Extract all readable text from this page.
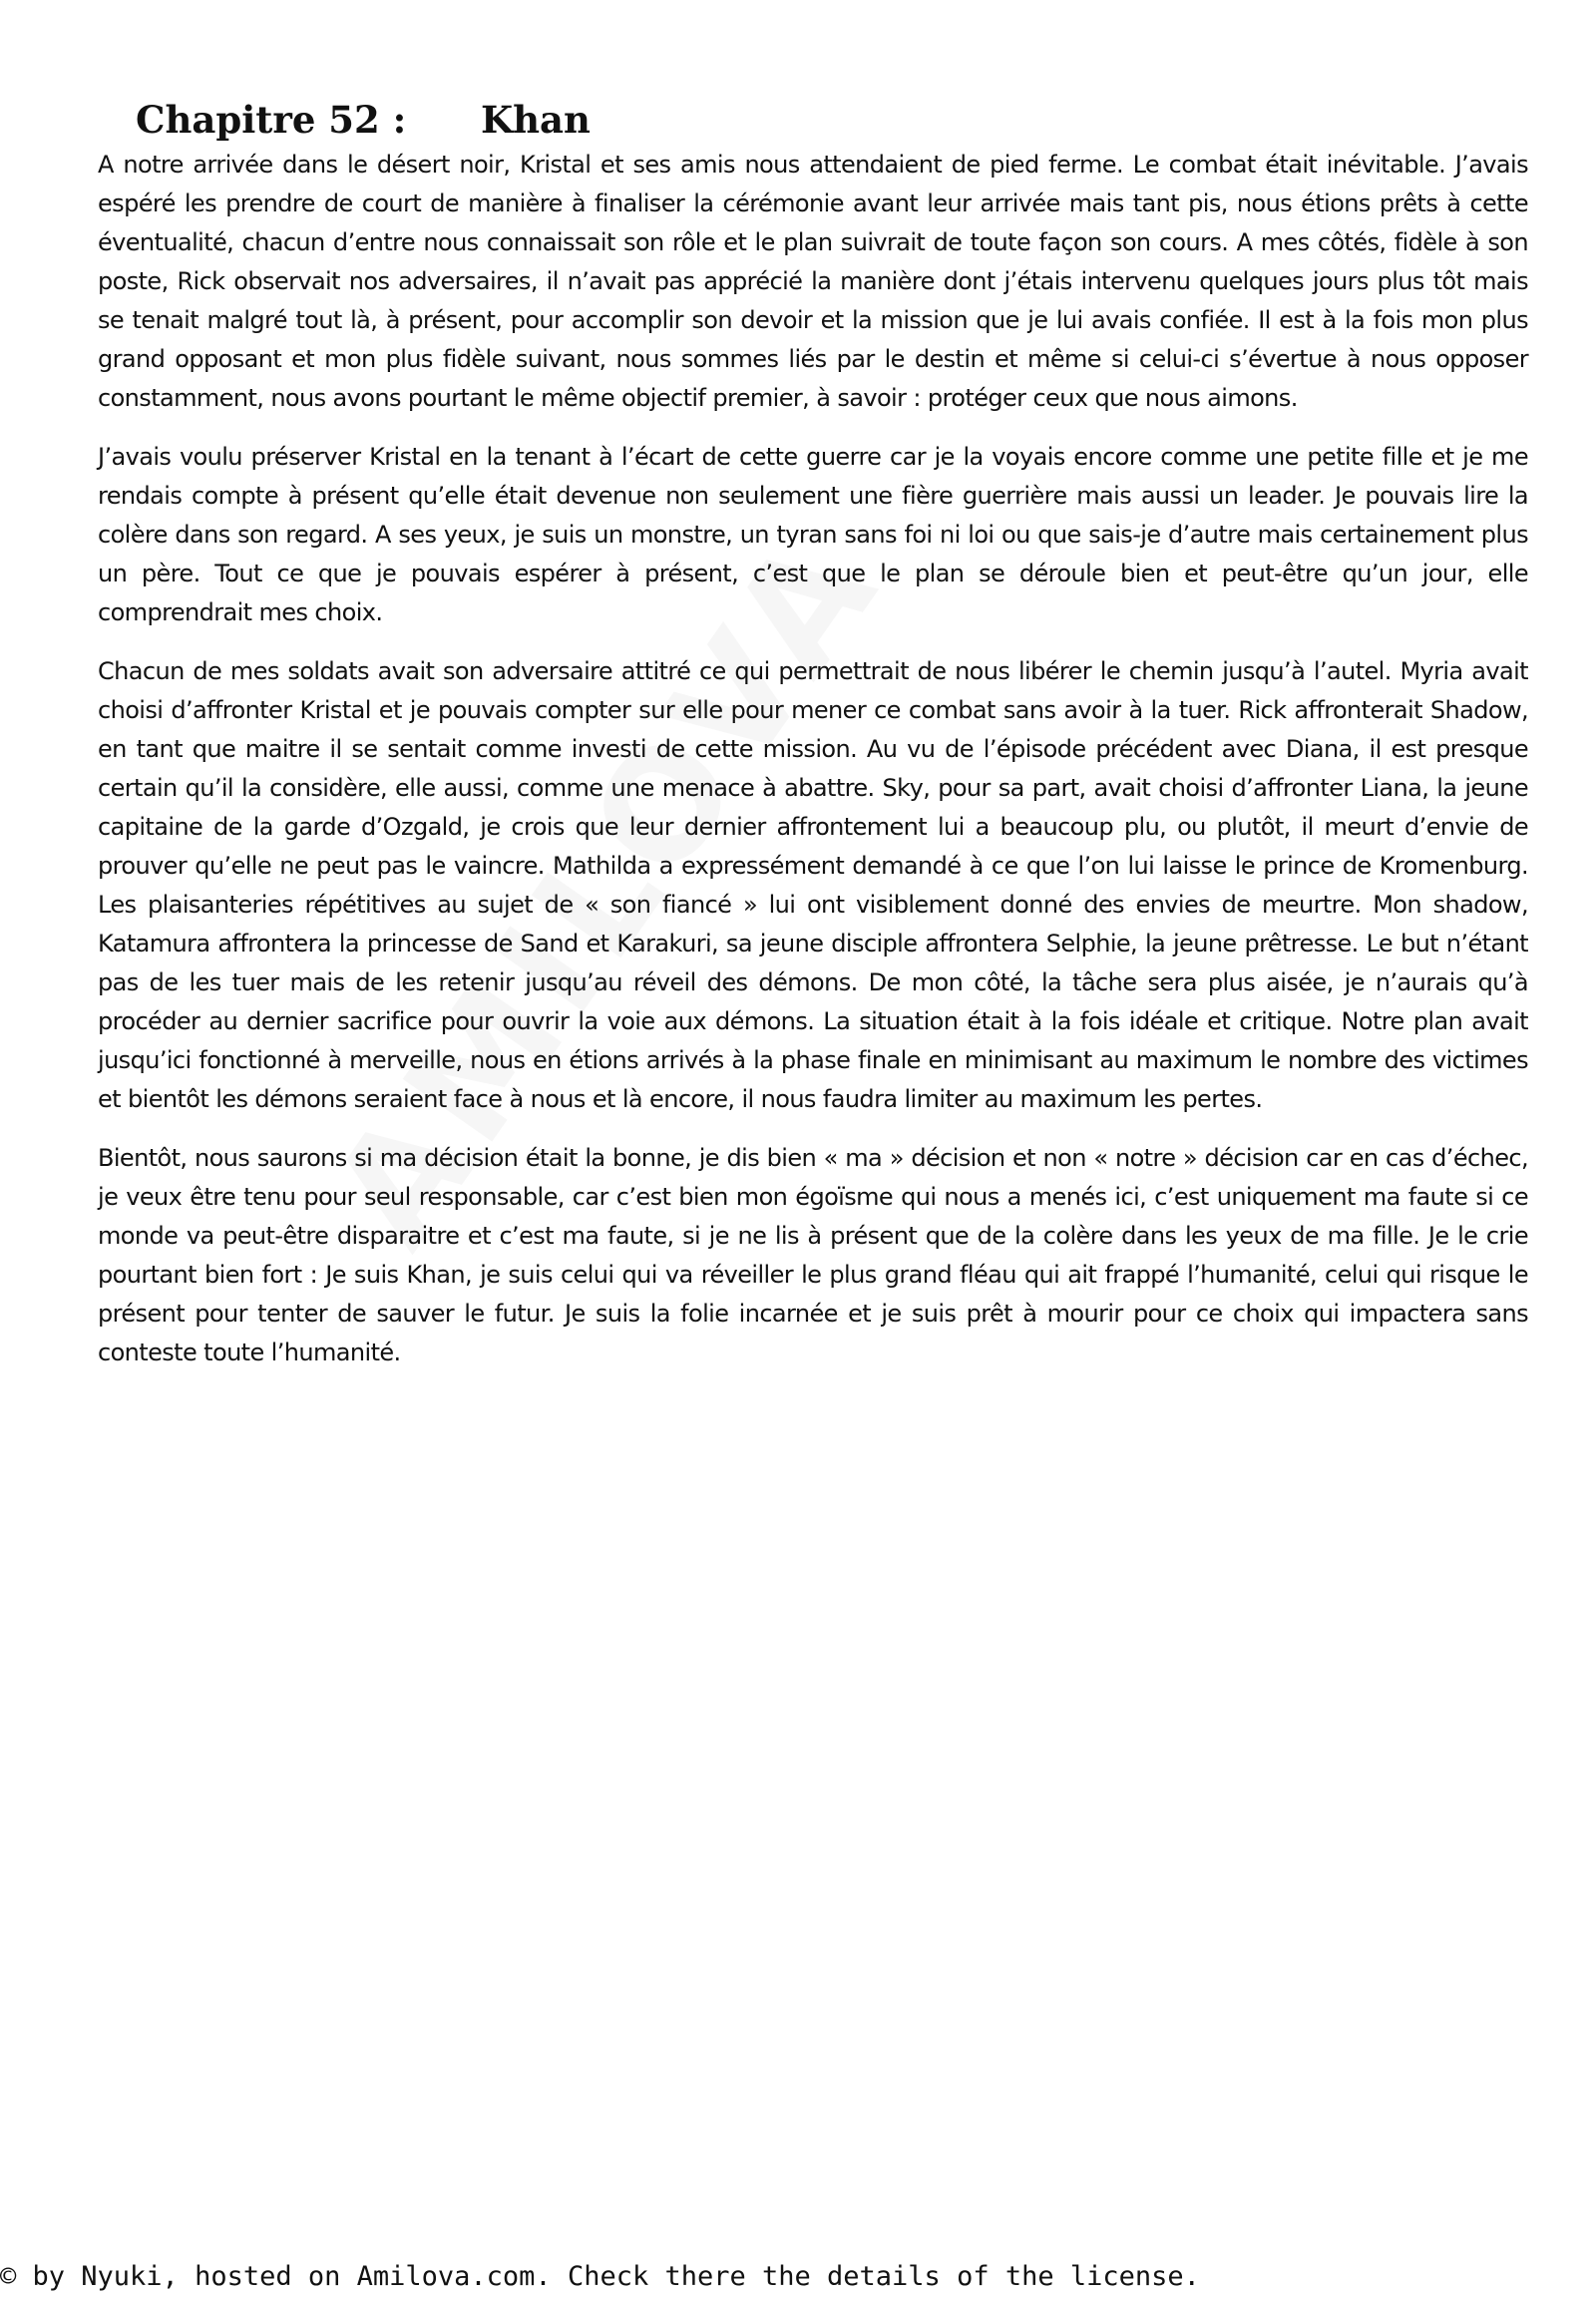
Chapitre 52 : Khan

A notre arrivée dans le désert noir, Kristal et ses amis nous attendaient de pied ferme. Le combat était inévitable. J’avais espéré les prendre de court de manière à finaliser la cérémonie avant leur arrivée mais tant pis, nous étions prêts à cette éventualité, chacun d’entre nous connaissait son rôle et le plan suivrait de toute façon son cours. A mes côtés, fidèle à son poste, Rick observait nos adversaires, il n’avait pas apprécié la manière dont j’étais intervenu quelques jours plus tôt mais se tenait malgré tout là, à présent, pour accomplir son devoir et la mission que je lui avais confiée. Il est à la fois mon plus grand opposant et mon plus fidèle suivant, nous sommes liés par le destin et même si celui-ci s’évertue à nous opposer constamment, nous avons pourtant le même objectif premier, à savoir : protéger ceux que nous aimons.

J’avais voulu préserver Kristal en la tenant à l’écart de cette guerre car je la voyais encore comme une petite fille et je me rendais compte à présent qu’elle était devenue non seulement une fière guerrière mais aussi un leader. Je pouvais lire la colère dans son regard. A ses yeux, je suis un monstre, un tyran sans foi ni loi ou que sais-je d’autre mais certainement plus un père. Tout ce que je pouvais espérer à présent, c’est que le plan se déroule bien et peut-être qu’un jour, elle comprendrait mes choix.

Chacun de mes soldats avait son adversaire attitré ce qui permettrait de nous libérer le chemin jusqu’à l’autel. Myria avait choisi d’affronter Kristal et je pouvais compter sur elle pour mener ce combat sans avoir à la tuer. Rick affronterait Shadow, en tant que maitre il se sentait comme investi de cette mission. Au vu de l’épisode précédent avec Diana, il est presque certain qu’il la considère, elle aussi, comme une menace à abattre. Sky, pour sa part, avait choisi d’affronter Liana, la jeune capitaine de la garde d’Ozgald, je crois que leur dernier affrontement lui a beaucoup plu, ou plutôt, il meurt d’envie de prouver qu’elle ne peut pas le vaincre. Mathilda a expressément demandé à ce que l’on lui laisse le prince de Kromenburg. Les plaisanteries répétitives au sujet de « son fiancé » lui ont visiblement donné des envies de meurtre. Mon shadow, Katamura affrontera la princesse de Sand et Karakuri, sa jeune disciple affrontera Selphie, la jeune prêtresse. Le but n’étant pas de les tuer mais de les retenir jusqu’au réveil des démons. De mon côté, la tâche sera plus aisée, je n’aurais qu’à procéder au dernier sacrifice pour ouvrir la voie aux démons. La situation était à la fois idéale et critique. Notre plan avait jusqu’ici fonctionné à merveille, nous en étions arrivés à la phase finale en minimisant au maximum le nombre des victimes et bientôt les démons seraient face à nous et là encore, il nous faudra limiter au maximum les pertes.

Bientôt, nous saurons si ma décision était la bonne, je dis bien « ma » décision et non « notre » décision car en cas d’échec, je veux être tenu pour seul responsable, car c’est bien mon égoïsme qui nous a menés ici, c’est uniquement ma faute si ce monde va peut-être disparaitre et c’est ma faute, si je ne lis à présent que de la colère dans les yeux de ma fille. Je le crie pourtant bien fort : Je suis Khan, je suis celui qui va réveiller le plus grand fléau qui ait frappé l’humanité, celui qui risque le présent pour tenter de sauver le futur. Je suis la folie incarnée et je suis prêt à mourir pour ce choix qui impactera sans conteste toute l’humanité.

© by Nyuki, hosted on Amilova.com. Check there the details of the license.
